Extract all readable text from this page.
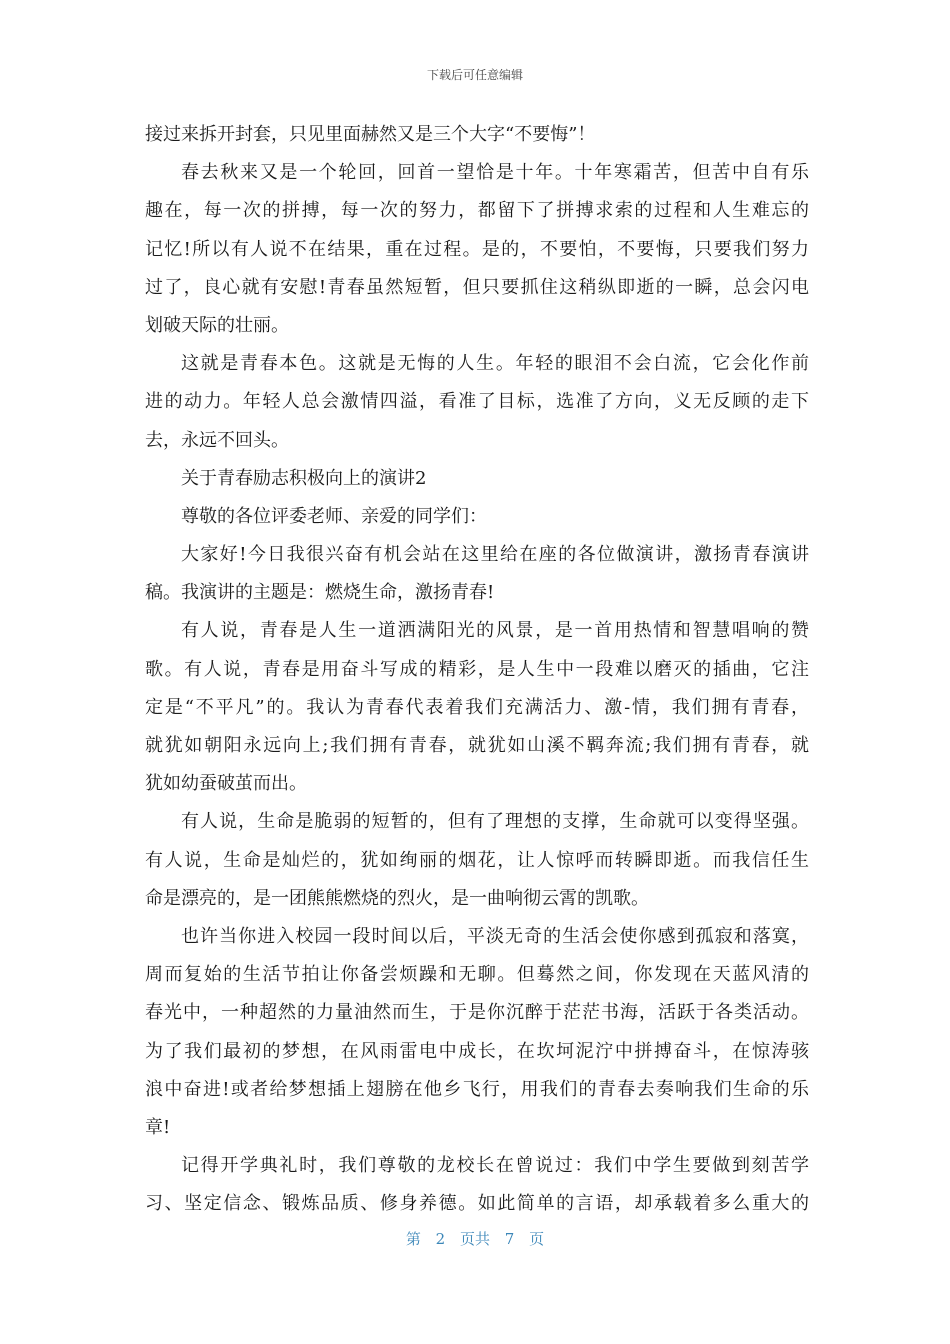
下载后可任意编辑
接过来拆开封套，只见里面赫然又是三个大字“不要悔”！
春去秋来又是一个轮回，回首一望恰是十年。十年寒霜苦，但苦中自有乐
趣在，每一次的拼搏，每一次的努力，都留下了拼搏求索的过程和人生难忘的
记忆!所以有人说不在结果，重在过程。是的，不要怕，不要悔，只要我们努力
过了，良心就有安慰!青春虽然短暂，但只要抓住这稍纵即逝的一瞬，总会闪电
划破天际的壮丽。
这就是青春本色。这就是无悔的人生。年轻的眼泪不会白流，它会化作前
进的动力。年轻人总会激情四溢，看准了目标，选准了方向，义无反顾的走下
去，永远不回头。
关于青春励志积极向上的演讲2
尊敬的各位评委老师、亲爱的同学们：
大家好!今日我很兴奋有机会站在这里给在座的各位做演讲，激扬青春演讲
稿。我演讲的主题是：燃烧生命，激扬青春!
有人说，青春是人生一道洒满阳光的风景，是一首用热情和智慧唱响的赞
歌。有人说，青春是用奋斗写成的精彩，是人生中一段难以磨灭的插曲，它注
定是“不平凡”的。我认为青春代表着我们充满活力、激-情，我们拥有青春，
就犹如朝阳永远向上;我们拥有青春，就犹如山溪不羁奔流;我们拥有青春，就
犹如幼蚕破茧而出。
有人说，生命是脆弱的短暂的，但有了理想的支撑，生命就可以变得坚强。
有人说，生命是灿烂的，犹如绚丽的烟花，让人惊呼而转瞬即逝。而我信任生
命是漂亮的，是一团熊熊燃烧的烈火，是一曲响彻云霄的凯歌。
也许当你进入校园一段时间以后，平淡无奇的生活会使你感到孤寂和落寞，
周而复始的生活节拍让你备尝烦躁和无聊。但蓦然之间，你发现在天蓝风清的
春光中，一种超然的力量油然而生，于是你沉醉于茫茫书海，活跃于各类活动。
为了我们最初的梦想，在风雨雷电中成长，在坎坷泥泞中拼搏奋斗，在惊涛骇
浪中奋进!或者给梦想插上翅膀在他乡飞行，用我们的青春去奏响我们生命的乐
章!
记得开学典礼时，我们尊敬的龙校长在曾说过：我们中学生要做到刻苦学
习、坚定信念、锻炼品质、修身养德。如此简单的言语，却承载着多么重大的
第 2 页共 7 页
